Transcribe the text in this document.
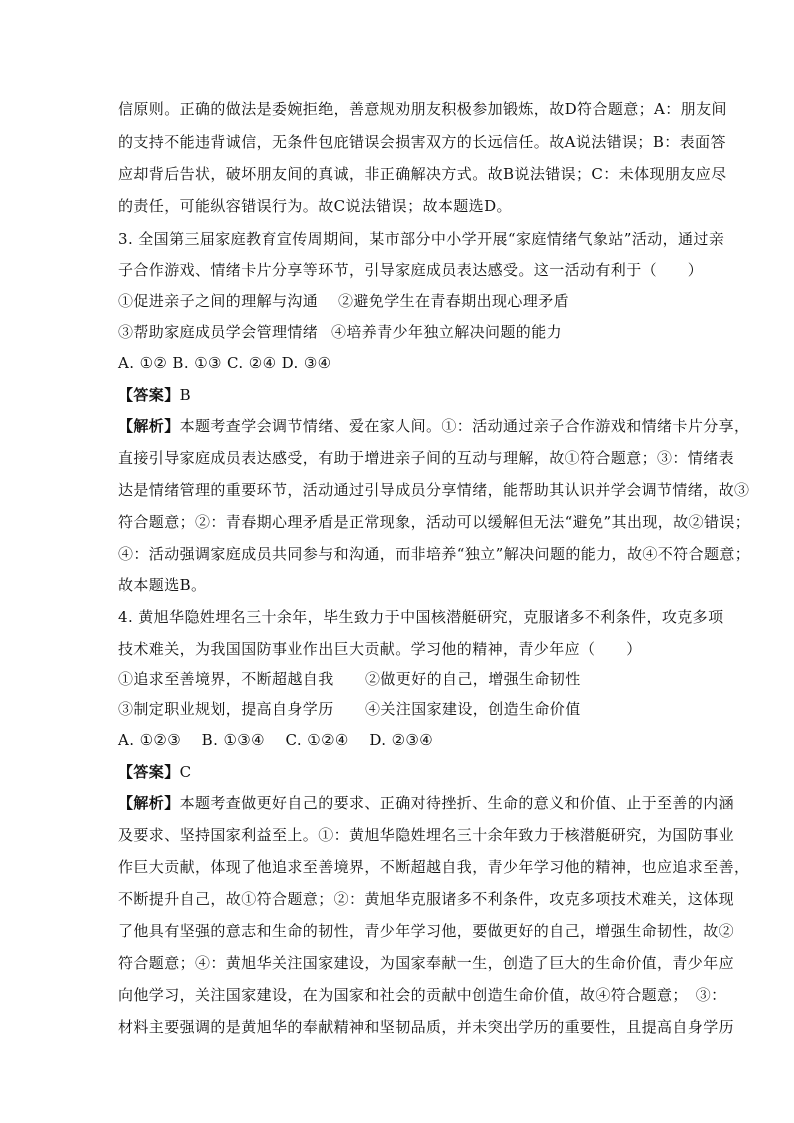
信原则。正确的做法是委婉拒绝，善意规劝朋友积极参加锻炼，故D符合题意；A：朋友间
的支持不能违背诚信，无条件包庇错误会损害双方的长远信任。故A说法错误；B：表面答
应却背后告状，破坏朋友间的真诚，非正确解决方式。故B说法错误；C：未体现朋友应尽
的责任，可能纵容错误行为。故C说法错误；故本题选D。
3. 全国第三届家庭教育宣传周期间，某市部分中小学开展“家庭情绪气象站”活动，通过亲
子合作游戏、情绪卡片分享等环节，引导家庭成员表达感受。这一活动有利于（　　）
①促进亲子之间的理解与沟通 ②避免学生在青春期出现心理矛盾
③帮助家庭成员学会管理情绪 ④培养青少年独立解决问题的能力
A. ①② B. ①③ C. ②④ D. ③④
【答案】B
【解析】本题考查学会调节情绪、爱在家人间。①：活动通过亲子合作游戏和情绪卡片分享，
直接引导家庭成员表达感受，有助于增进亲子间的互动与理解，故①符合题意；③：情绪表
达是情绪管理的重要环节，活动通过引导成员分享情绪，能帮助其认识并学会调节情绪，故③
符合题意；②：青春期心理矛盾是正常现象，活动可以缓解但无法“避免”其出现，故②错误；
④：活动强调家庭成员共同参与和沟通，而非培养“独立”解决问题的能力，故④不符合题意；
故本题选B。
4. 黄旭华隐姓埋名三十余年，毕生致力于中国核潜艇研究，克服诸多不利条件，攻克多项
技术难关，为我国国防事业作出巨大贡献。学习他的精神，青少年应（　　）
①追求至善境界，不断超越自我 ②做更好的自己，增强生命韧性
③制定职业规划，提高自身学历 ④关注国家建设，创造生命价值
A. ①②③　 B. ①③④　 C. ①②④　 D. ②③④
【答案】C
【解析】本题考查做更好自己的要求、正确对待挫折、生命的意义和价值、止于至善的内涵
及要求、坚持国家利益至上。①：黄旭华隐姓埋名三十余年致力于核潜艇研究，为国防事业
作巨大贡献，体现了他追求至善境界，不断超越自我，青少年学习他的精神，也应追求至善，
不断提升自己，故①符合题意；②：黄旭华克服诸多不利条件，攻克多项技术难关，这体现
了他具有坚强的意志和生命的韧性，青少年学习他，要做更好的自己，增强生命韧性，故②
符合题意；④：黄旭华关注国家建设，为国家奉献一生，创造了巨大的生命价值，青少年应
向他学习，关注国家建设，在为国家和社会的贡献中创造生命价值，故④符合题意；　③：
材料主要强调的是黄旭华的奉献精神和坚韧品质，并未突出学历的重要性，且提高自身学历
